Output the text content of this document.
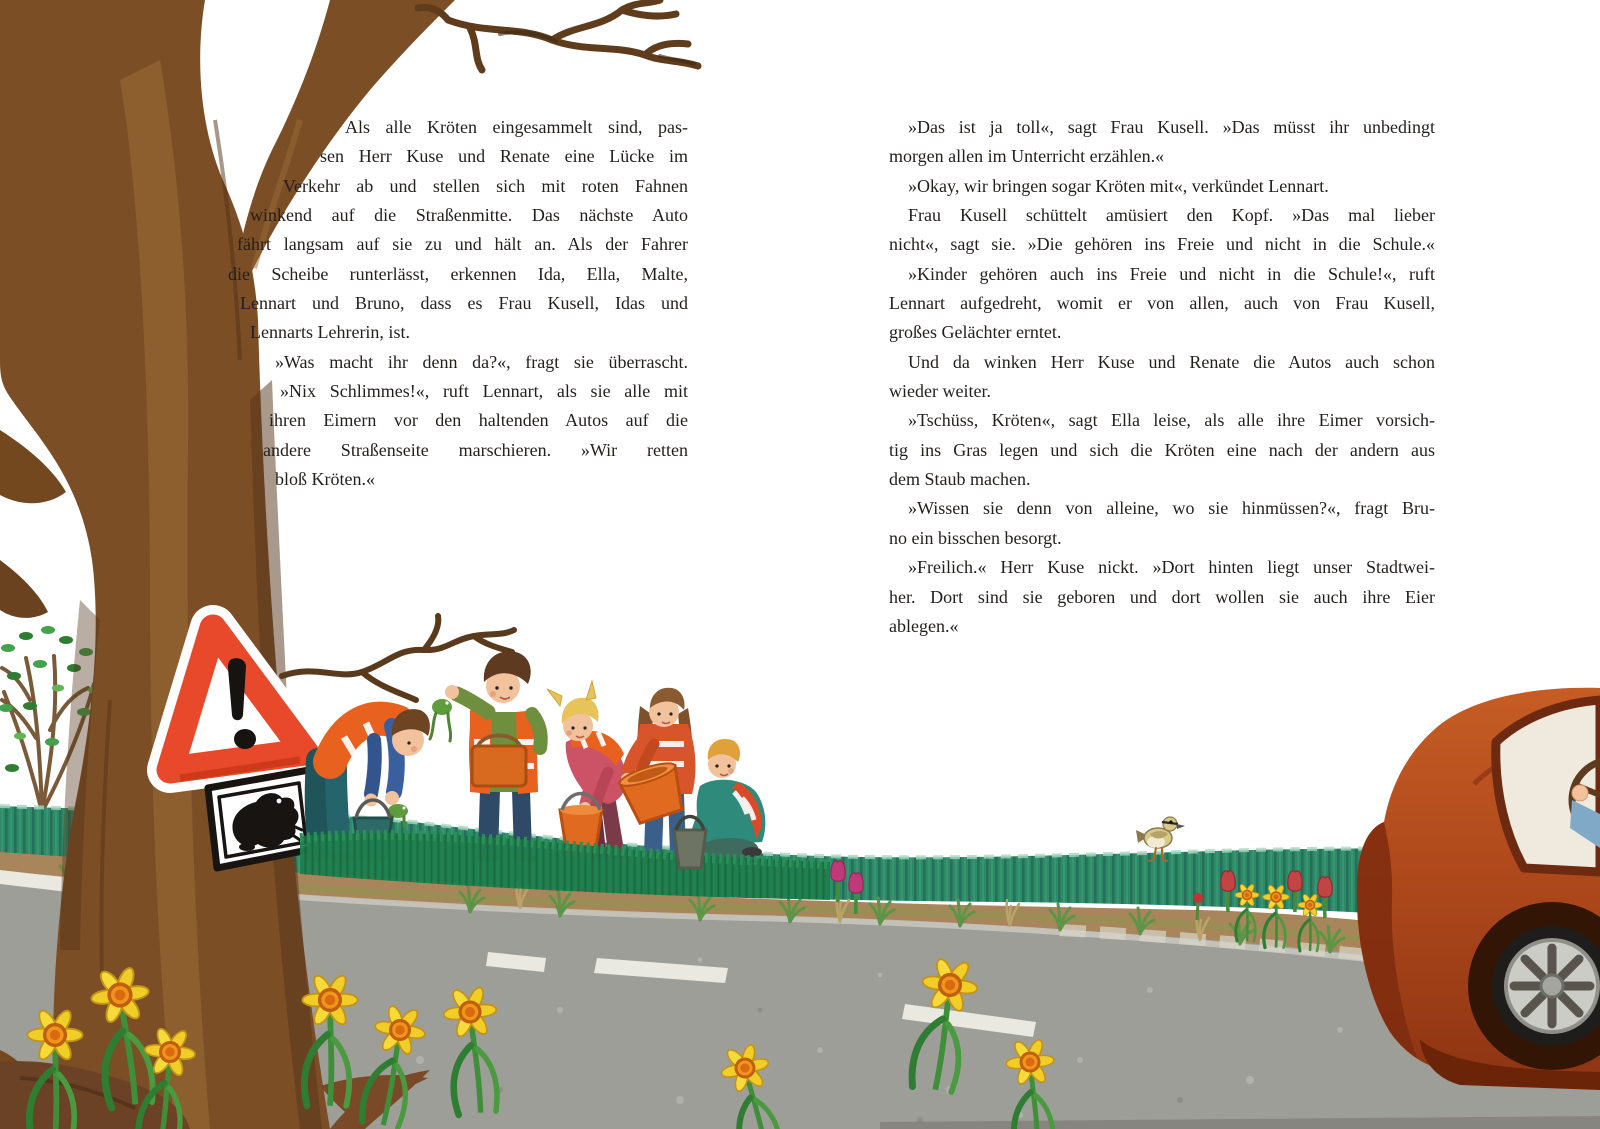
Als alle Kröten eingesammelt sind, pas-
sen Herr Kuse und Renate eine Lücke im
Verkehr ab und stellen sich mit roten Fahnen
winkend auf die Straßenmitte. Das nächste Auto
fährt langsam auf sie zu und hält an. Als der Fahrer
die Scheibe runterlässt, erkennen Ida, Ella, Malte,
Lennart und Bruno, dass es Frau Kusell, Idas und
Lennarts Lehrerin, ist.
»Was macht ihr denn da?«, fragt sie überrascht.
»Nix Schlimmes!«, ruft Lennart, als sie alle mit
ihren Eimern vor den haltenden Autos auf die
andere Straßenseite marschieren. »Wir retten
bloß Kröten.«
»Das ist ja toll«, sagt Frau Kusell. »Das müsst ihr unbedingt
morgen allen im Unterricht erzählen.«
»Okay, wir bringen sogar Kröten mit«, verkündet Lennart.
Frau Kusell schüttelt amüsiert den Kopf. »Das mal lieber
nicht«, sagt sie. »Die gehören ins Freie und nicht in die Schule.«
»Kinder gehören auch ins Freie und nicht in die Schule!«, ruft
Lennart aufgedreht, womit er von allen, auch von Frau Kusell,
großes Gelächter erntet.
Und da winken Herr Kuse und Renate die Autos auch schon
wieder weiter.
»Tschüss, Kröten«, sagt Ella leise, als alle ihre Eimer vorsich-
tig ins Gras legen und sich die Kröten eine nach der andern aus
dem Staub machen.
»Wissen sie denn von alleine, wo sie hinmüssen?«, fragt Bru-
no ein bisschen besorgt.
»Freilich.« Herr Kuse nickt. »Dort hinten liegt unser Stadtwei-
her. Dort sind sie geboren und dort wollen sie auch ihre Eier
ablegen.«
